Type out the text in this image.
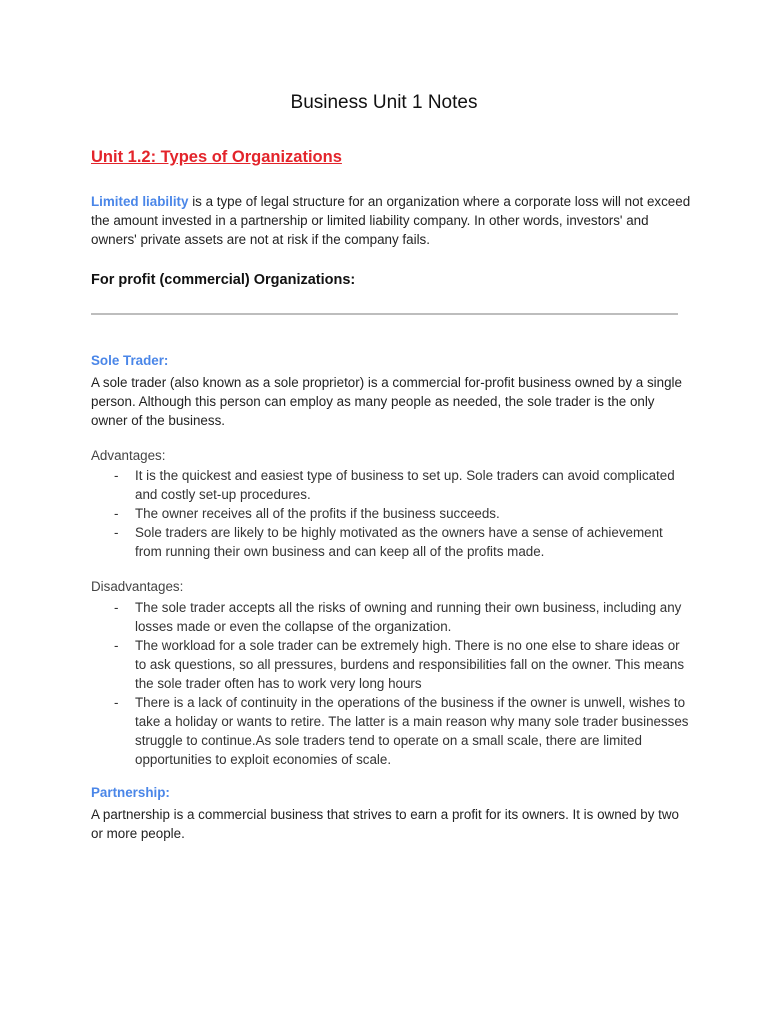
Business Unit 1 Notes
Unit 1.2: Types of Organizations
Limited liability is a type of legal structure for an organization where a corporate loss will not exceed the amount invested in a partnership or limited liability company. In other words, investors' and owners' private assets are not at risk if the company fails.
For profit (commercial) Organizations:
Sole Trader:
A sole trader (also known as a sole proprietor) is a commercial for-profit business owned by a single person. Although this person can employ as many people as needed, the sole trader is the only owner of the business.
Advantages:
- It is the quickest and easiest type of business to set up. Sole traders can avoid complicated and costly set-up procedures.
- The owner receives all of the profits if the business succeeds.
- Sole traders are likely to be highly motivated as the owners have a sense of achievement from running their own business and can keep all of the profits made.
Disadvantages:
- The sole trader accepts all the risks of owning and running their own business, including any losses made or even the collapse of the organization.
- The workload for a sole trader can be extremely high. There is no one else to share ideas or to ask questions, so all pressures, burdens and responsibilities fall on the owner. This means the sole trader often has to work very long hours
- There is a lack of continuity in the operations of the business if the owner is unwell, wishes to take a holiday or wants to retire. The latter is a main reason why many sole trader businesses struggle to continue.As sole traders tend to operate on a small scale, there are limited opportunities to exploit economies of scale.
Partnership:
A partnership is a commercial business that strives to earn a profit for its owners. It is owned by two or more people.
